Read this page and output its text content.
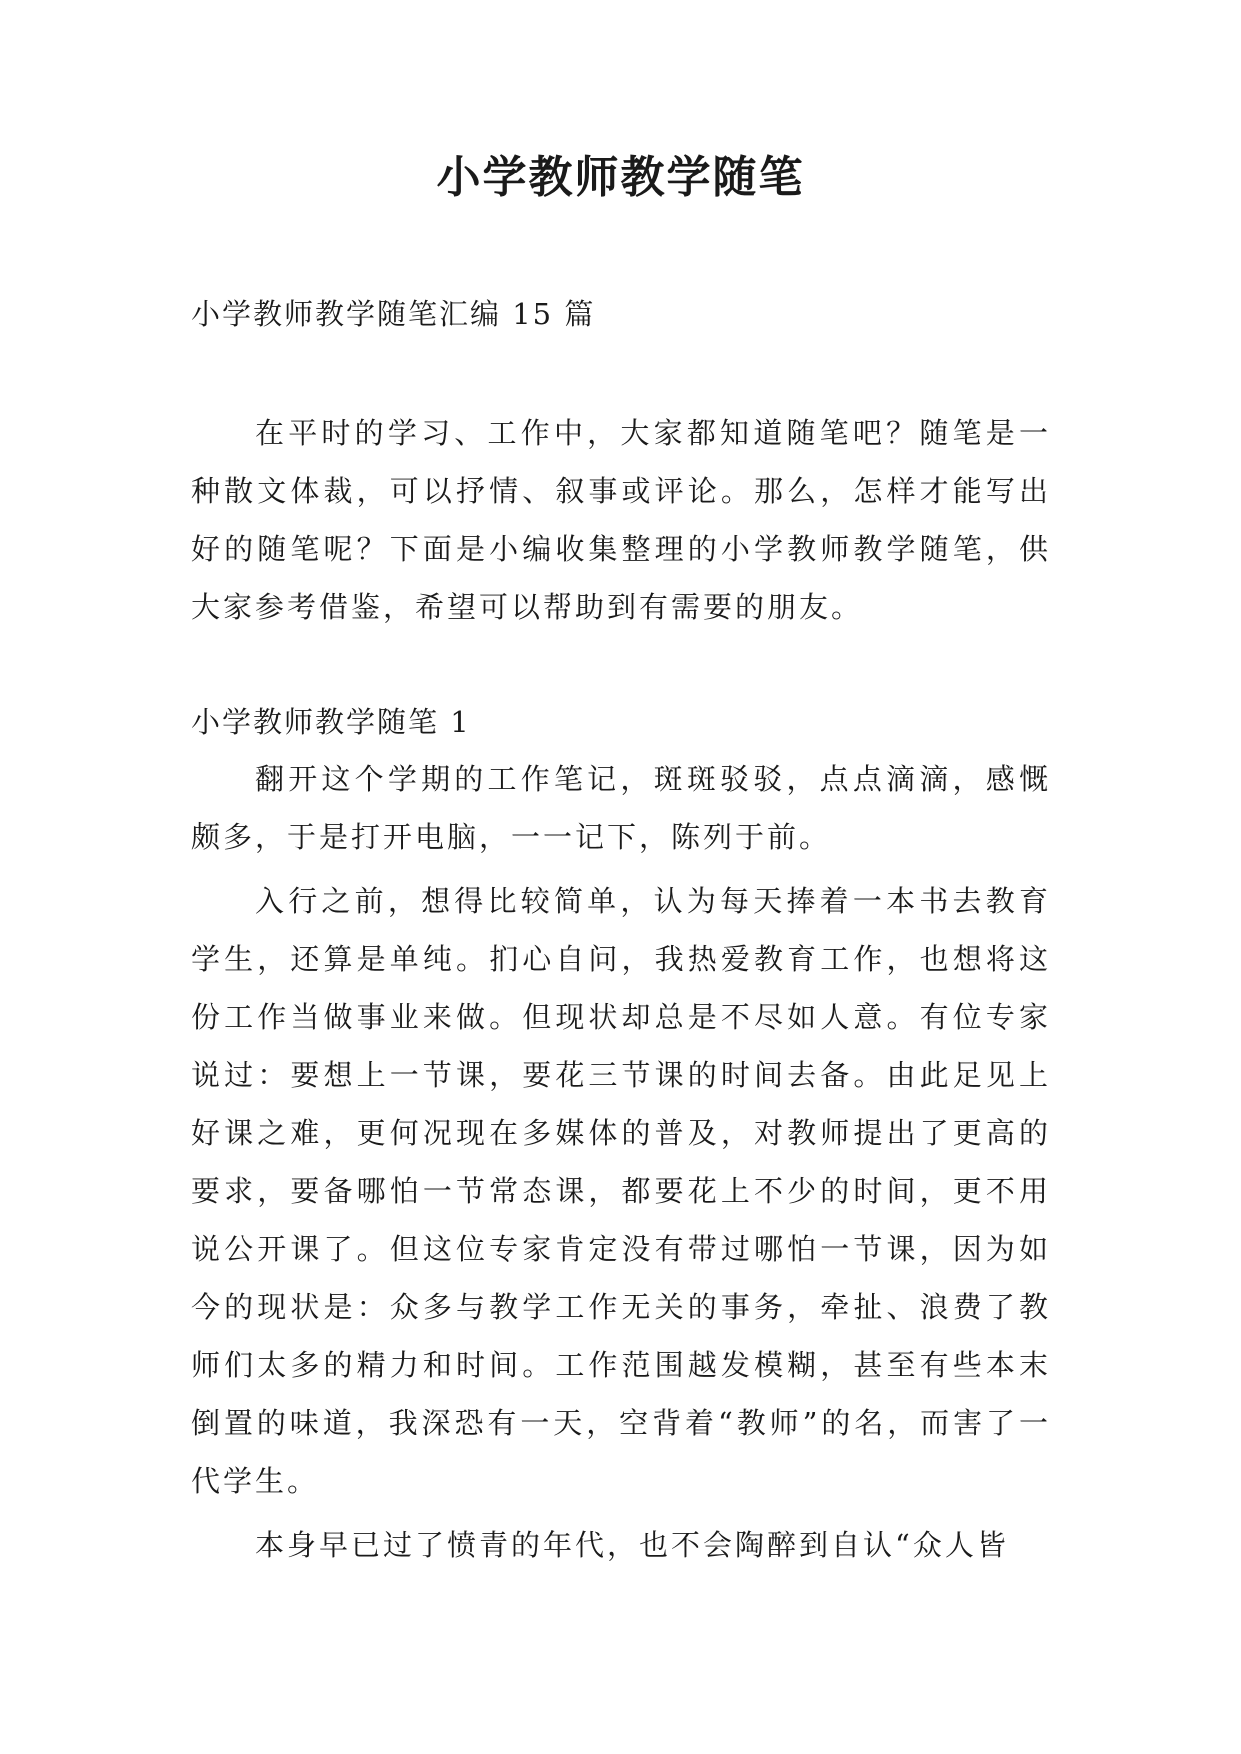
小学教师教学随笔

小学教师教学随笔汇编 15 篇

在平时的学习、工作中，大家都知道随笔吧？随笔是一种散文体裁，可以抒情、叙事或评论。那么，怎样才能写出好的随笔呢？下面是小编收集整理的小学教师教学随笔，供大家参考借鉴，希望可以帮助到有需要的朋友。

小学教师教学随笔 1

翻开这个学期的工作笔记，斑斑驳驳，点点滴滴，感慨颇多，于是打开电脑，一一记下，陈列于前。

入行之前，想得比较简单，认为每天捧着一本书去教育学生，还算是单纯。扪心自问，我热爱教育工作，也想将这份工作当做事业来做。但现状却总是不尽如人意。有位专家说过：要想上一节课，要花三节课的时间去备。由此足见上好课之难，更何况现在多媒体的普及，对教师提出了更高的要求，要备哪怕一节常态课，都要花上不少的时间，更不用说公开课了。但这位专家肯定没有带过哪怕一节课，因为如今的现状是：众多与教学工作无关的事务，牵扯、浪费了教师们太多的精力和时间。工作范围越发模糊，甚至有些本末倒置的味道，我深恐有一天，空背着“教师”的名，而害了一代学生。

本身早已过了愤青的年代，也不会陶醉到自认“众人皆
